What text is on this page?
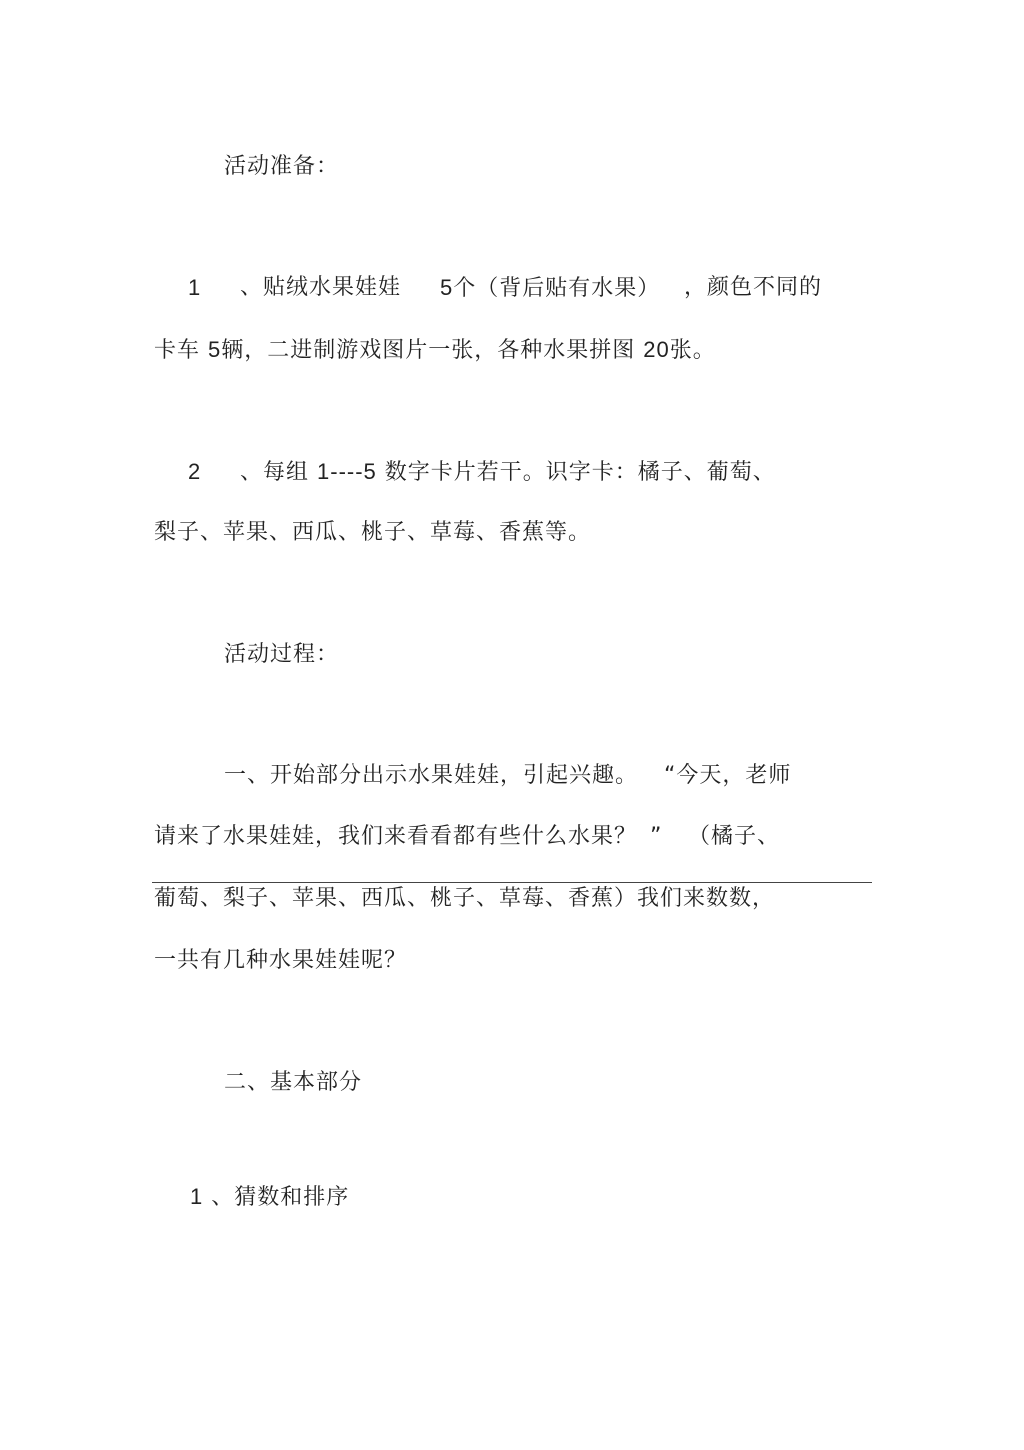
活动准备：
1 、贴绒水果娃娃 5个（背后贴有水果） ，颜色不同的
卡车 5辆，二进制游戏图片一张，各种水果拼图 20张。
2 、每组 1----5 数字卡片若干。识字卡：橘子、葡萄、
梨子、苹果、西瓜、桃子、草莓、香蕉等。
活动过程：
一、开始部分出示水果娃娃，引起兴趣。 “今天，老师
请来了水果娃娃，我们来看看都有些什么水果？ ” （橘子、
葡萄、梨子、苹果、西瓜、桃子、草莓、香蕉）我们来数数，
一共有几种水果娃娃呢？
二、基本部分
1 、猜数和排序
